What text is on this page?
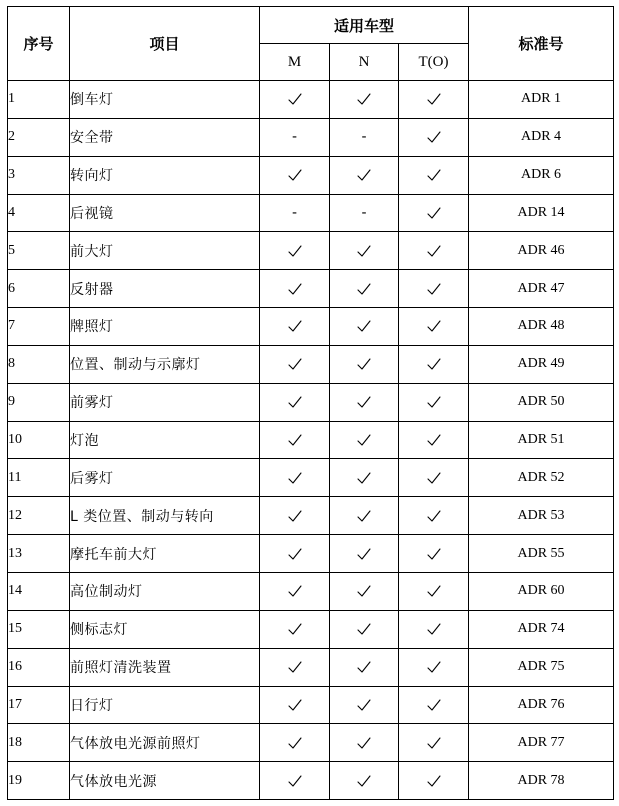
序号	项目	适用车型			标准号
		M	N	T(O)	
1	倒车灯				ADR 1
2	安全带	-	-		ADR 4
3	转向灯				ADR 6
4	后视镜	-	-		ADR 14
5	前大灯				ADR 46
6	反射器				ADR 47
7	牌照灯				ADR 48
8	位置、制动与示廓灯				ADR 49
9	前雾灯				ADR 50
10	灯泡				ADR 51
11	后雾灯				ADR 52
12	L 类位置、制动与转向				ADR 53
13	摩托车前大灯				ADR 55
14	高位制动灯				ADR 60
15	侧标志灯				ADR 74
16	前照灯清洗装置				ADR 75
17	日行灯				ADR 76
18	气体放电光源前照灯				ADR 77
19	气体放电光源				ADR 78
